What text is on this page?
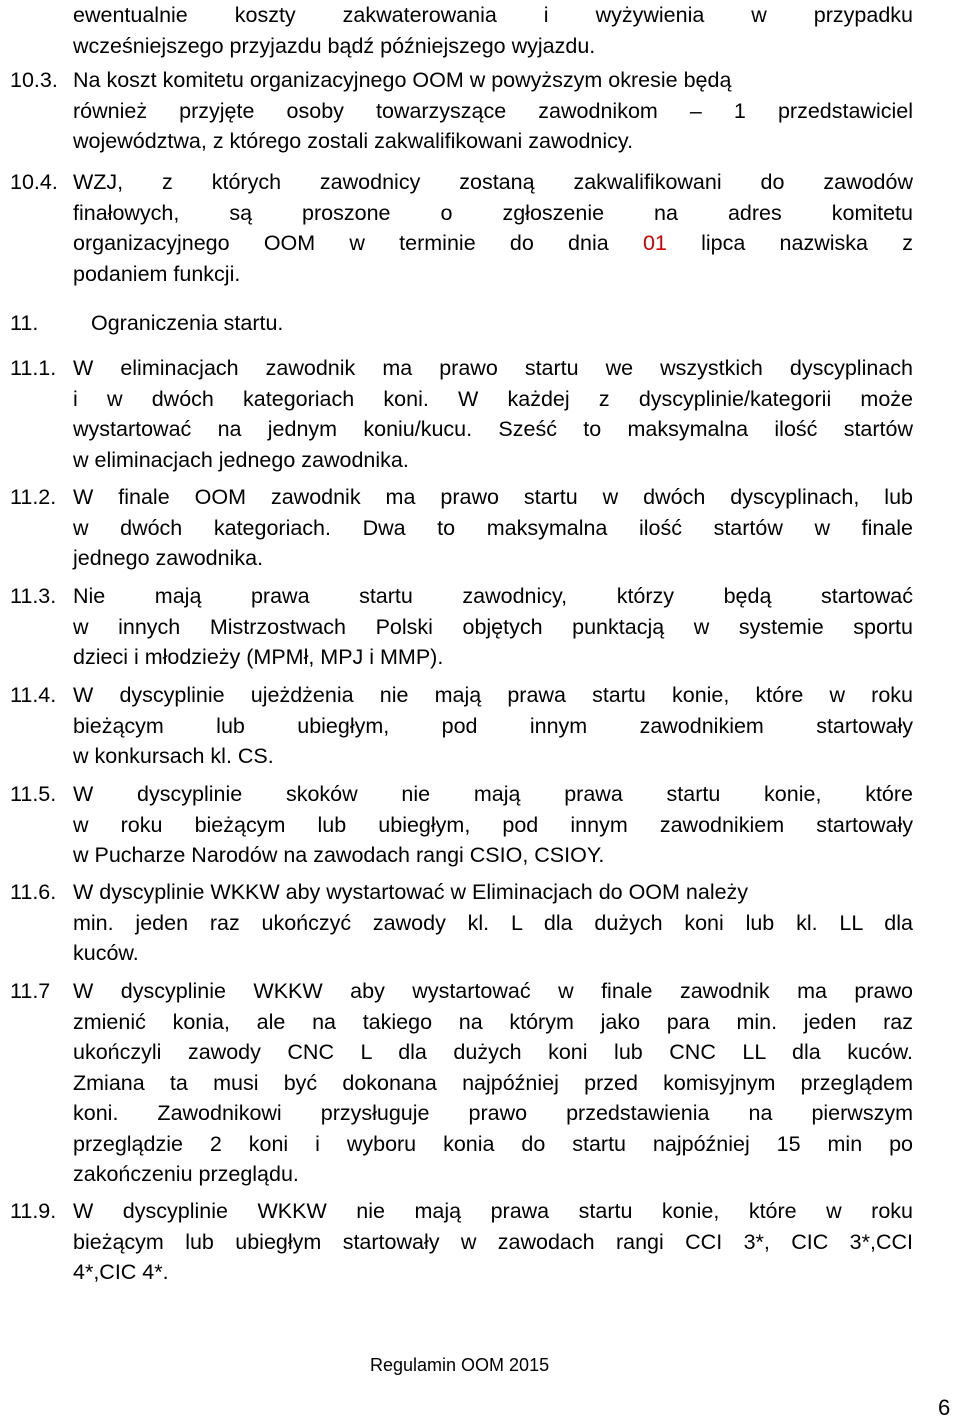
ewentualnie koszty zakwaterowania i wyżywienia w przypadku
wcześniejszego przyjazdu bądź późniejszego wyjazdu.
10.3. Na koszt komitetu organizacyjnego OOM w powyższym okresie będą
również przyjęte osoby towarzyszące zawodnikom – 1 przedstawiciel
województwa, z którego zostali zakwalifikowani zawodnicy.
10.4. WZJ, z których zawodnicy zostaną zakwalifikowani do zawodów
finałowych, są proszone o zgłoszenie na adres komitetu
organizacyjnego OOM w terminie do dnia 01 lipca nazwiska z
podaniem funkcji.
11. Ograniczenia startu.
11.1. W eliminacjach zawodnik ma prawo startu we wszystkich dyscyplinach
i w dwóch kategoriach koni. W każdej z dyscyplinie/kategorii może
wystartować na jednym koniu/kucu. Sześć to maksymalna ilość startów
w eliminacjach jednego zawodnika.
11.2. W finale OOM zawodnik ma prawo startu w dwóch dyscyplinach, lub
w dwóch kategoriach. Dwa to maksymalna ilość startów w finale
jednego zawodnika.
11.3. Nie mają prawa startu zawodnicy, którzy będą startować
w innych Mistrzostwach Polski objętych punktacją w systemie sportu
dzieci i młodzieży (MPMł, MPJ i MMP).
11.4. W dyscyplinie ujeżdżenia nie mają prawa startu konie, które w roku
bieżącym lub ubiegłym, pod innym zawodnikiem startowały
w konkursach kl. CS.
11.5. W dyscyplinie skoków nie mają prawa startu konie, które
w roku bieżącym lub ubiegłym, pod innym zawodnikiem startowały
w Pucharze Narodów na zawodach rangi CSIO, CSIOY.
11.6. W dyscyplinie WKKW aby wystartować w Eliminacjach do OOM należy
min. jeden raz ukończyć zawody kl. L dla dużych koni lub kl. LL dla
kuców.
11.7 W dyscyplinie WKKW aby wystartować w finale zawodnik ma prawo
zmienić konia, ale na takiego na którym jako para min. jeden raz
ukończyli zawody CNC L dla dużych koni lub CNC LL dla kuców.
Zmiana ta musi być dokonana najpóźniej przed komisyjnym przeglądem
koni. Zawodnikowi przysługuje prawo przedstawienia na pierwszym
przeglądzie 2 koni i wyboru konia do startu najpóźniej 15 min po
zakończeniu przeglądu.
11.9. W dyscyplinie WKKW nie mają prawa startu konie, które w roku
bieżącym lub ubiegłym startowały w zawodach rangi CCI 3*, CIC 3*,CCI
4*,CIC 4*.
Regulamin OOM 2015
6
